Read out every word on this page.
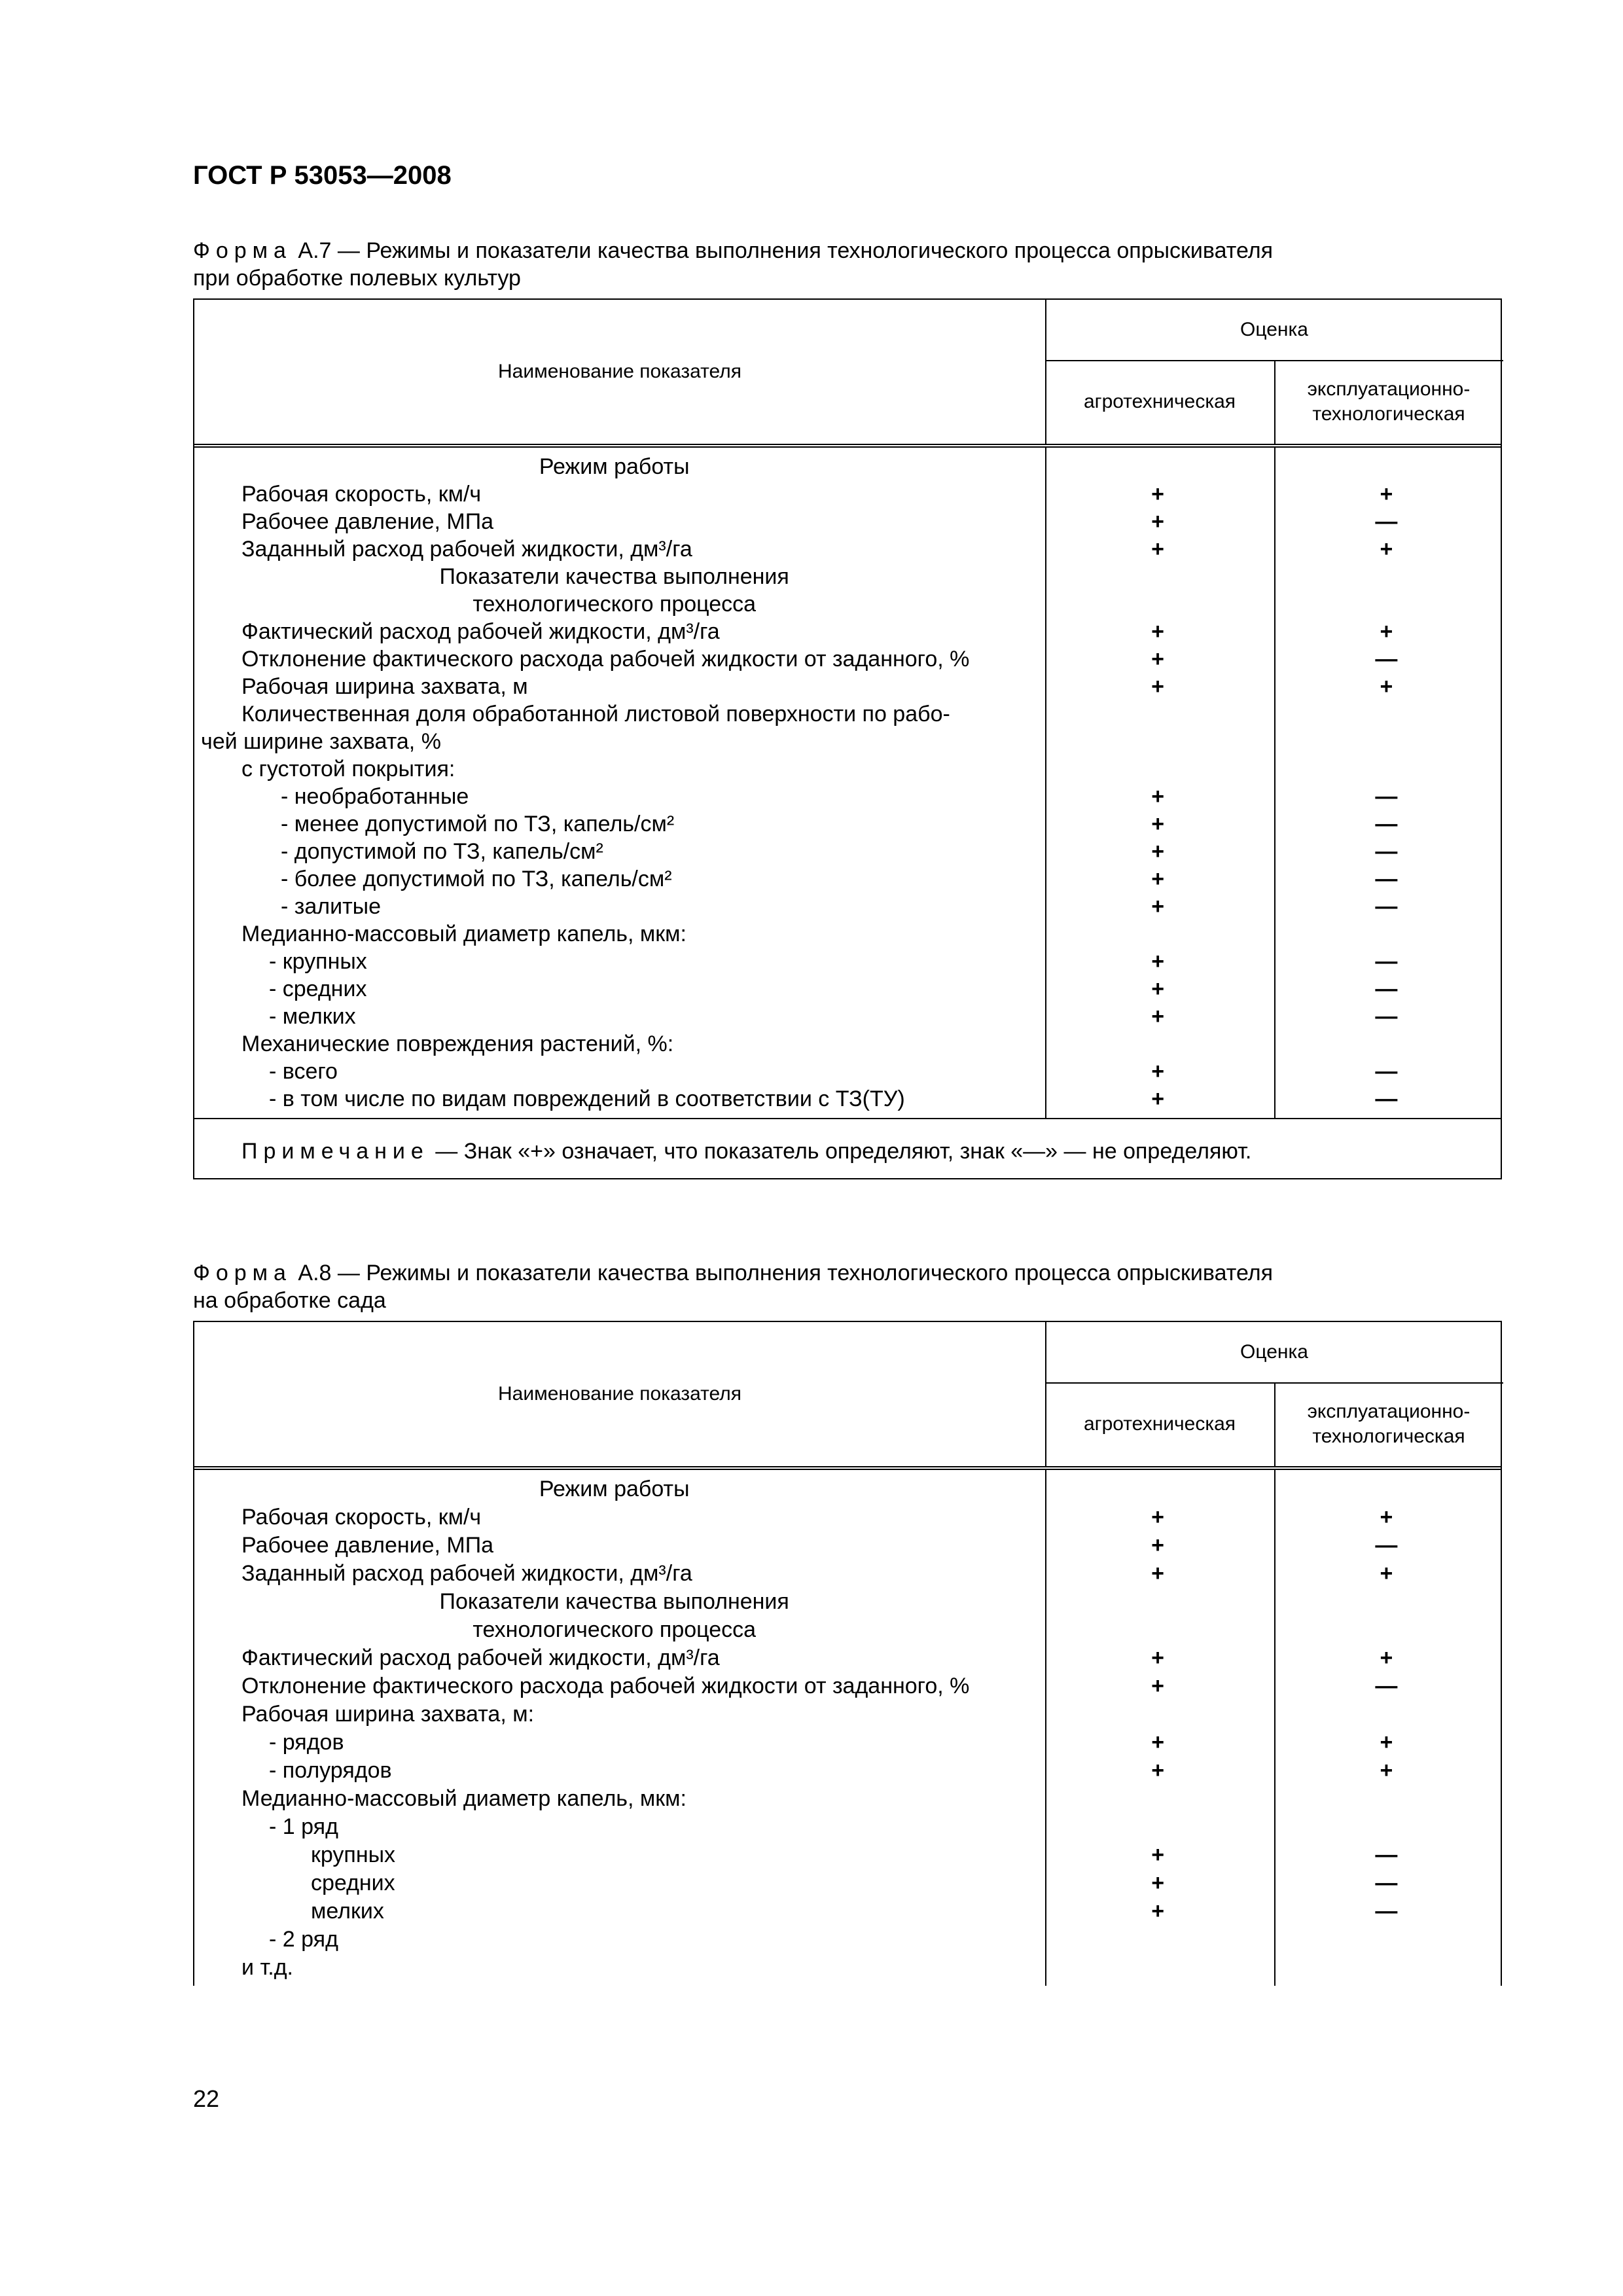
ГОСТ Р 53053—2008
Форма А.7 — Режимы и показатели качества выполнения технологического процесса опрыскивателя
при обработке полевых культур
Наименование показателя
Оценка
агротехническая
эксплуатационно-технологическая
Режим работы
Рабочая скорость, км/ч	+	+
Рабочее давление, МПа	+	—
Заданный расход рабочей жидкости, дм³/га	+	+
Показатели качества выполнения
технологического процесса
Фактический расход рабочей жидкости, дм³/га	+	+
Отклонение фактического расхода рабочей жидкости от заданного, %	+	—
Рабочая ширина захвата, м	+	+
Количественная доля обработанной листовой поверхности по рабо-
чей ширине захвата, %
с густотой покрытия:
- необработанные	+	—
- менее допустимой по ТЗ, капель/см²	+	—
- допустимой по ТЗ, капель/см²	+	—
- более допустимой по ТЗ, капель/см²	+	—
- залитые	+	—
Медианно-массовый диаметр капель, мкм:
- крупных	+	—
- средних	+	—
- мелких	+	—
Механические повреждения растений, %:
- всего	+	—
- в том числе по видам повреждений в соответствии с ТЗ(ТУ)	+	—
Примечание — Знак «+» означает, что показатель определяют, знак «—» — не определяют.
Форма А.8 — Режимы и показатели качества выполнения технологического процесса опрыскивателя
на обработке сада
Наименование показателя
Оценка
агротехническая
эксплуатационно-технологическая
Режим работы
Рабочая скорость, км/ч	+	+
Рабочее давление, МПа	+	—
Заданный расход рабочей жидкости, дм³/га	+	+
Показатели качества выполнения
технологического процесса
Фактический расход рабочей жидкости, дм³/га	+	+
Отклонение фактического расхода рабочей жидкости от заданного, %	+	—
Рабочая ширина захвата, м:
- рядов	+	+
- полурядов	+	+
Медианно-массовый диаметр капель, мкм:
- 1 ряд
крупных	+	—
средних	+	—
мелких	+	—
- 2 ряд
и т.д.
22
